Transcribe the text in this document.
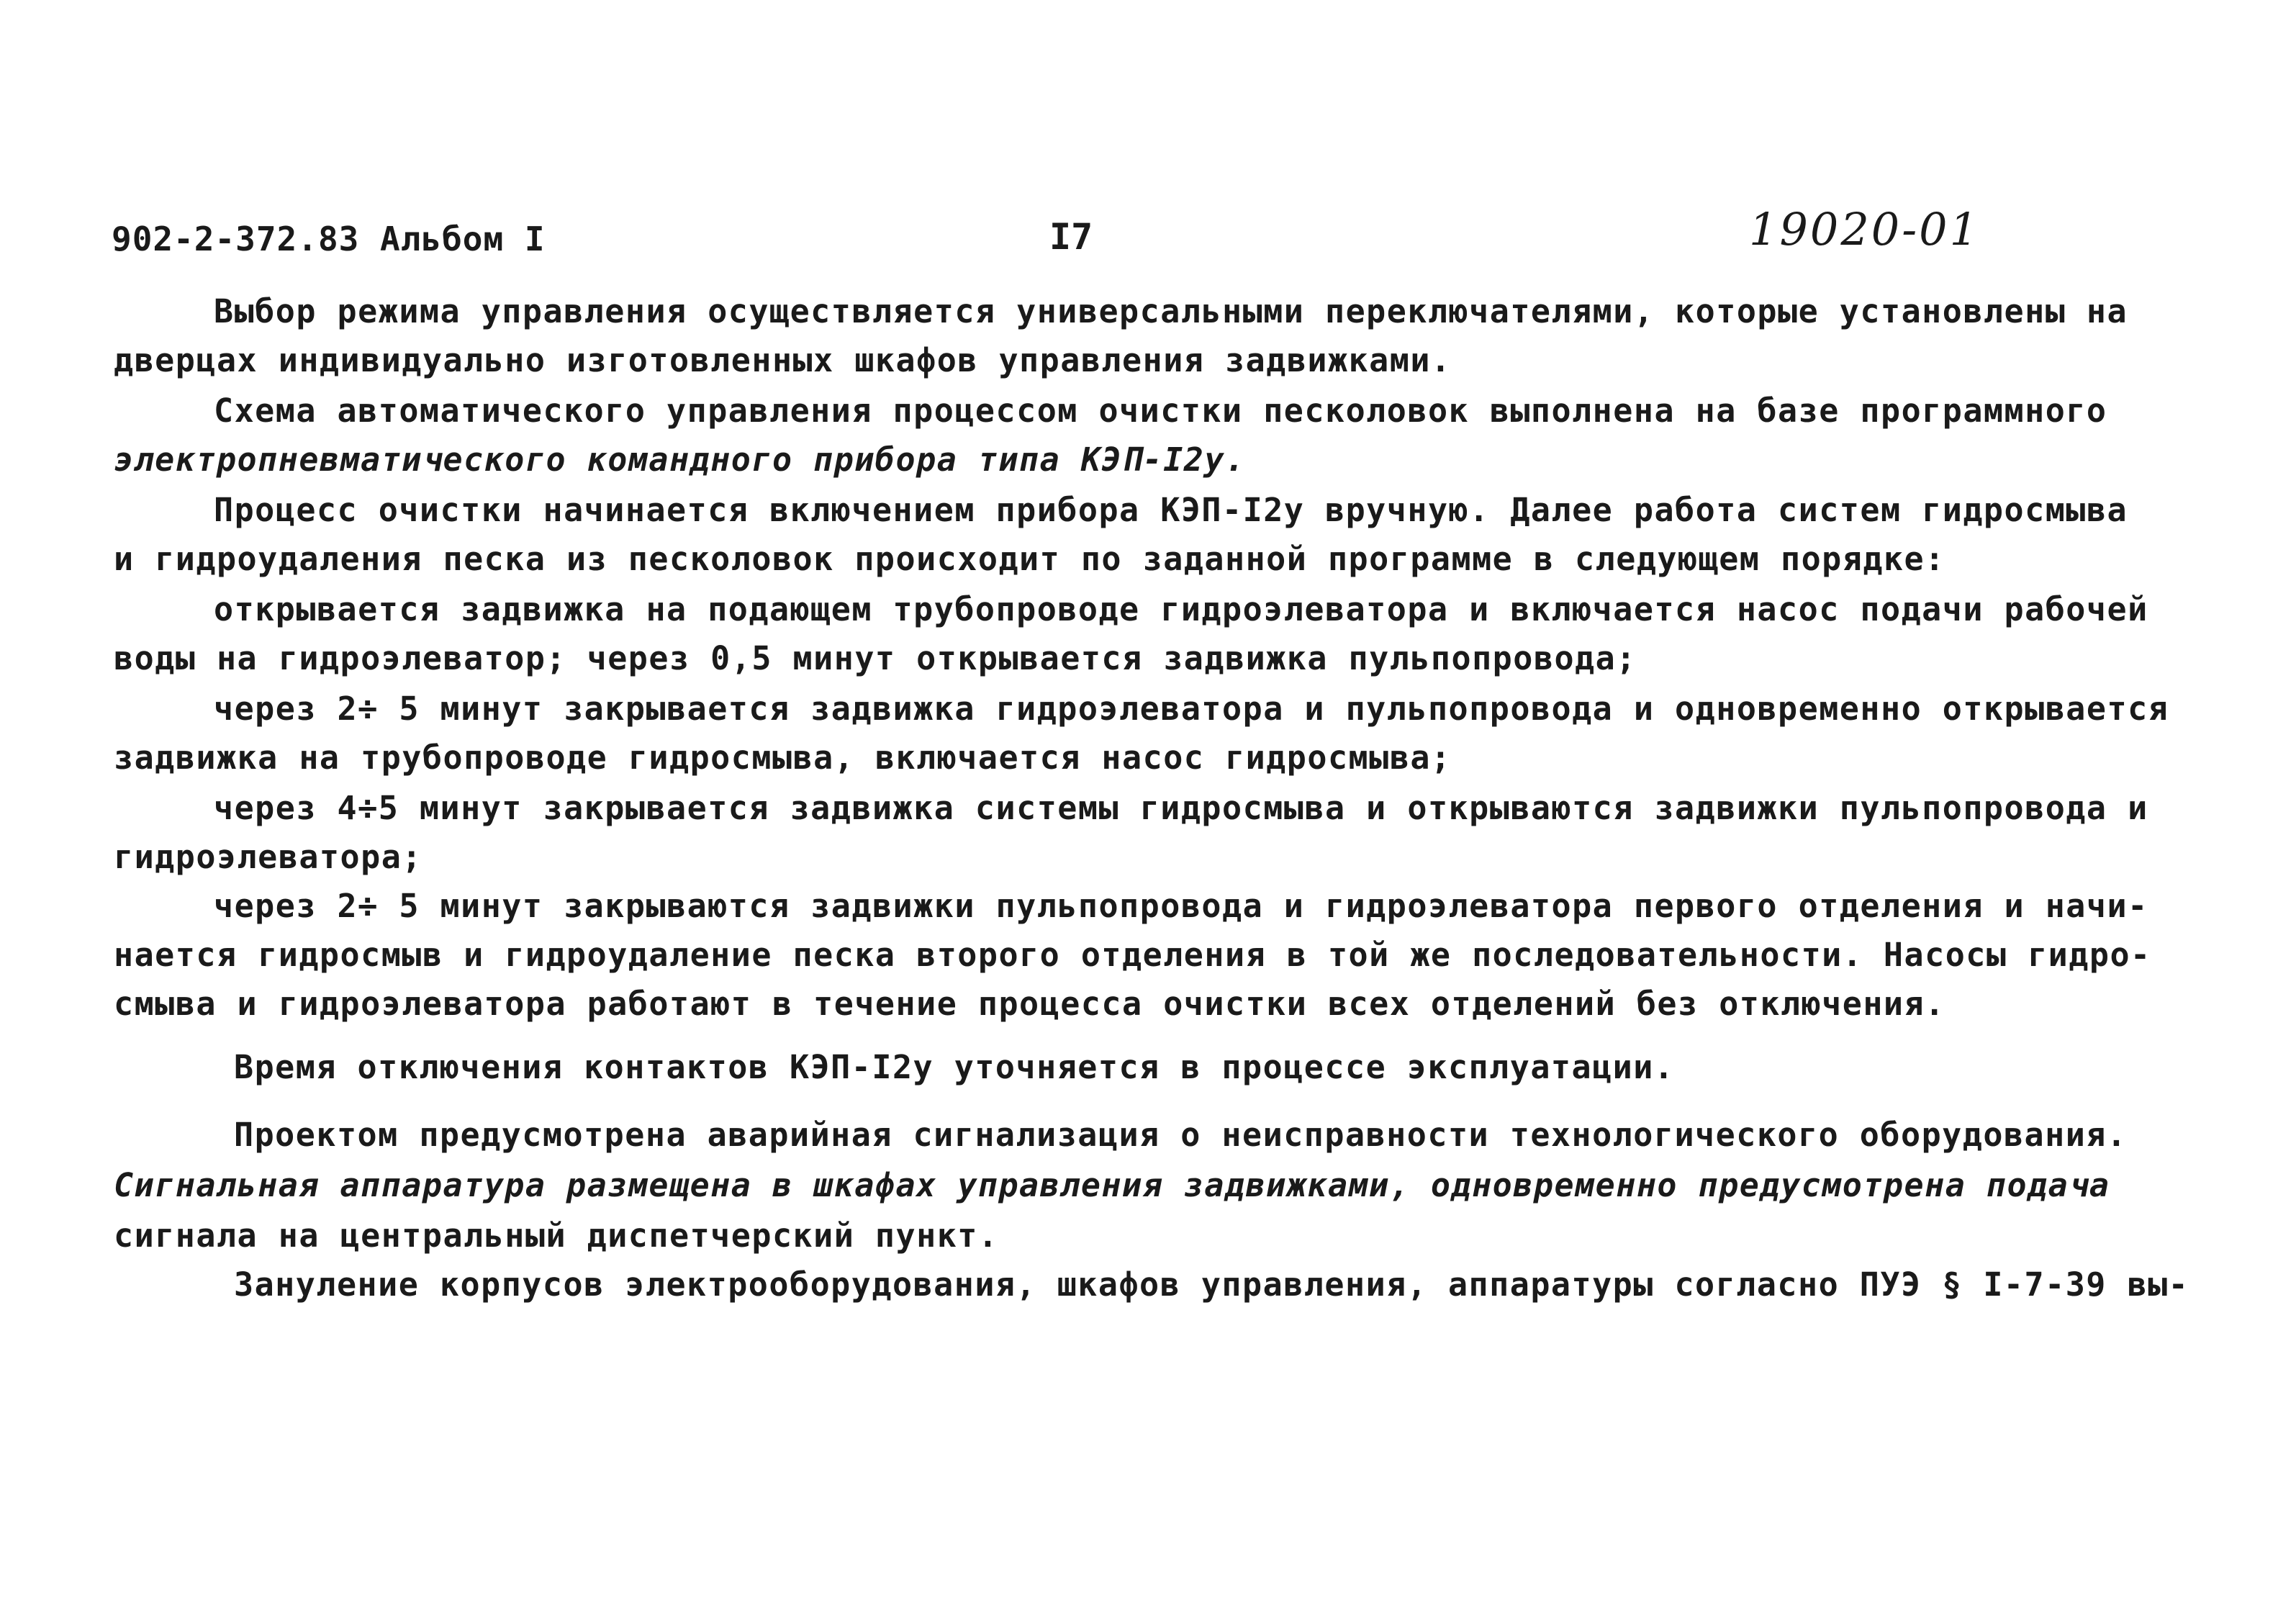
902-2-372.83 Альбом I	I7	19020-01
Выбор режима управления осуществляется универсальными переключателями, которые установлены на
дверцах индивидуально изготовленных шкафов управления задвижками.
Схема автоматического управления процессом очистки песколовок выполнена на базе программного
электропневматического командного прибора типа КЭП-I2у.
Процесс очистки начинается включением прибора КЭП-I2у вручную. Далее работа систем гидросмыва
и гидроудаления песка из песколовок происходит по заданной программе в следующем порядке:
открывается задвижка на подающем трубопроводе гидроэлеватора и включается насос подачи рабочей
воды на гидроэлеватор; через 0,5 минут открывается задвижка пульпопровода;
через 2÷ 5 минут закрывается задвижка гидроэлеватора и пульпопровода и одновременно открывается
задвижка на трубопроводе гидросмыва, включается насос гидросмыва;
через 4÷5 минут закрывается задвижка системы гидросмыва и открываются задвижки пульпопровода и
гидроэлеватора;
через 2÷ 5 минут закрываются задвижки пульпопровода и гидроэлеватора первого отделения и начи-
нается гидросмыв и гидроудаление песка второго отделения в той же последовательности. Насосы гидро-
смыва и гидроэлеватора работают в течение процесса очистки всех отделений без отключения.
Время отключения контактов КЭП-I2у уточняется в процессе эксплуатации.
Проектом предусмотрена аварийная сигнализация о неисправности технологического оборудования.
Сигнальная аппаратура размещена в шкафах управления задвижками, одновременно предусмотрена подача
сигнала на центральный диспетчерский пункт.
Зануление корпусов электрооборудования, шкафов управления, аппаратуры согласно ПУЭ § I-7-39 вы-
